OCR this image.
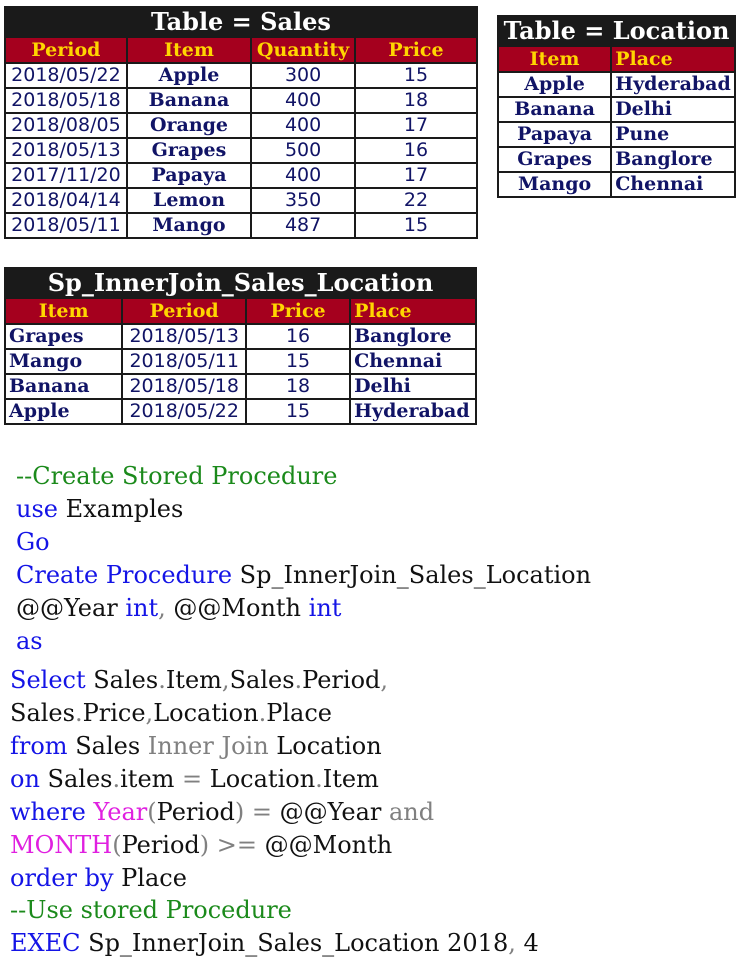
Table = Sales			
Period	Item	Quantity	Price
2018/05/22	Apple	300	15
2018/05/18	Banana	400	18
2018/08/05	Orange	400	17
2018/05/13	Grapes	500	16
2017/11/20	Papaya	400	17
2018/04/14	Lemon	350	22
2018/05/11	Mango	487	15
Table = Location	
Item	Place
Apple	Hyderabad
Banana	Delhi
Papaya	Pune
Grapes	Banglore
Mango	Chennai
Sp_InnerJoin_Sales_Location			
Item	Period	Price	Place
Grapes	2018/05/13	16	Banglore
Mango	2018/05/11	15	Chennai
Banana	2018/05/18	18	Delhi
Apple	2018/05/22	15	Hyderabad
--Create Stored Procedure
use Examples
Go
Create Procedure Sp_InnerJoin_Sales_Location
@@Year int, @@Month int
as
Select Sales.Item,Sales.Period,
Sales.Price,Location.Place
from Sales Inner Join Location
on Sales.item = Location.Item
where Year(Period) = @@Year and
MONTH(Period) >= @@Month
order by Place
--Use stored Procedure
EXEC Sp_InnerJoin_Sales_Location 2018, 4
